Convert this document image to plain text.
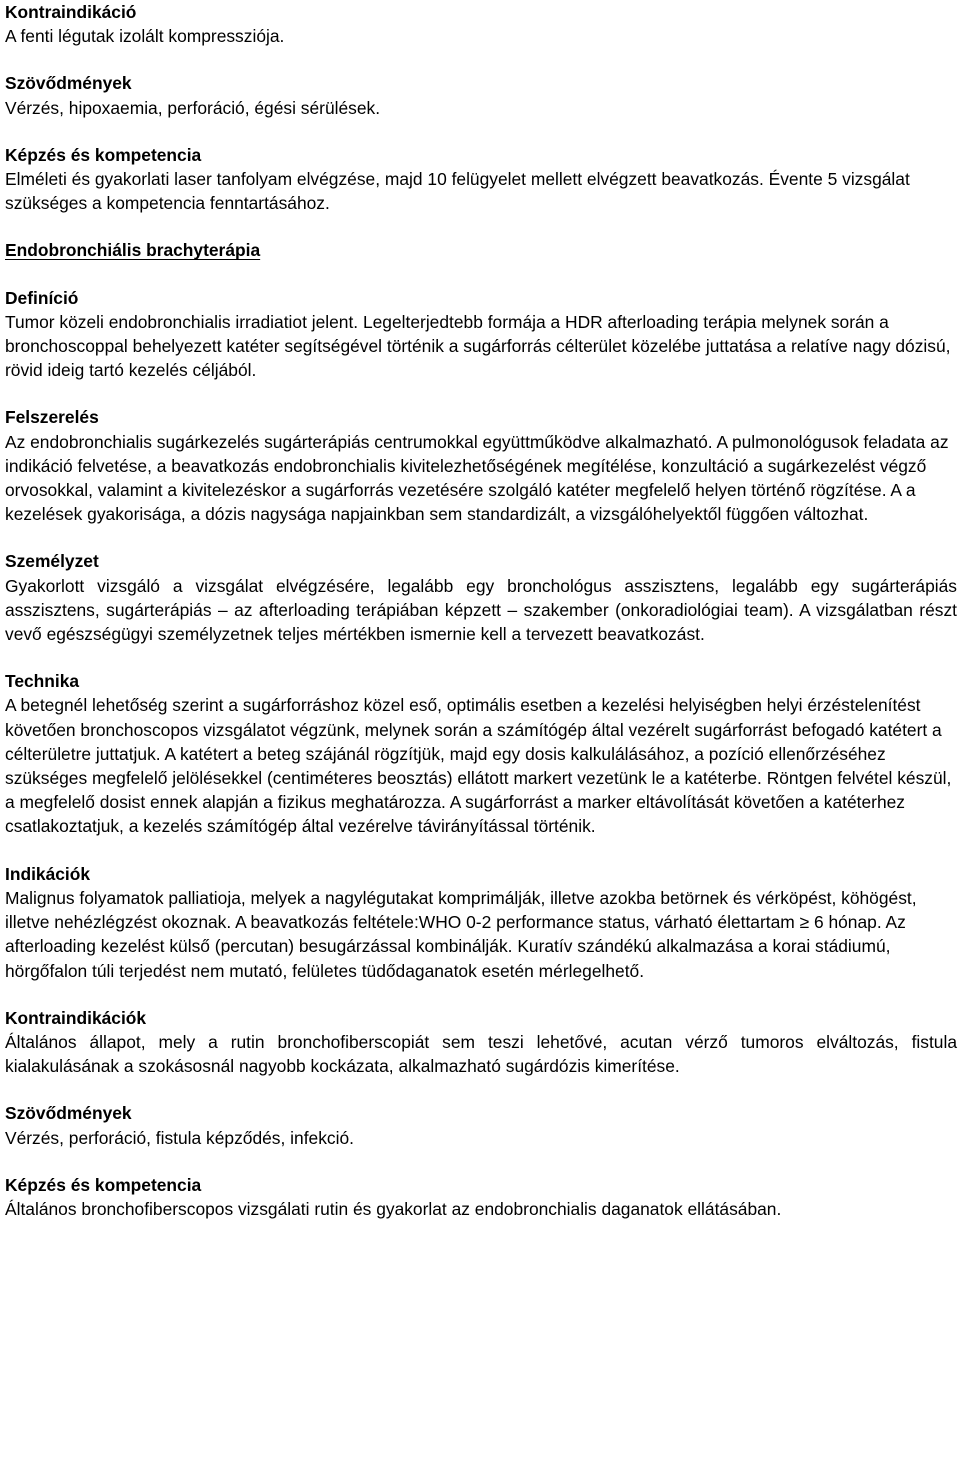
Kontraindikáció

A fenti légutak izolált kompressziója.

Szövődmények

Vérzés, hipoxaemia, perforáció, égési sérülések.

Képzés és kompetencia

Elméleti és gyakorlati laser tanfolyam elvégzése, majd 10 felügyelet mellett elvégzett beavatkozás. Évente 5 vizsgálat szükséges a kompetencia fenntartásához.

Endobronchiális brachyterápia
Definíció

Tumor közeli endobronchialis irradiatiot jelent. Legelterjedtebb formája a HDR afterloading terápia melynek során a bronchoscoppal behelyezett katéter segítségével történik a sugárforrás célterület közelébe juttatása a relatíve nagy dózisú, rövid ideig tartó kezelés céljából.

Felszerelés

Az endobronchialis sugárkezelés sugárterápiás centrumokkal együttműködve alkalmazható. A pulmonológusok feladata az indikáció felvetése, a beavatkozás endobronchialis kivitelezhetőségének megítélése, konzultáció a sugárkezelést végző orvosokkal, valamint a kivitelezéskor a sugárforrás vezetésére szolgáló katéter megfelelő helyen történő rögzítése. A a kezelések gyakorisága, a dózis nagysága napjainkban sem standardizált, a vizsgálóhelyektől függően változhat.

Személyzet

Gyakorlott vizsgáló a vizsgálat elvégzésére, legalább egy bronchológus asszisztens, legalább egy sugárterápiás asszisztens, sugárterápiás – az afterloading terápiában képzett – szakember (onkoradiológiai team). A vizsgálatban részt vevő egészségügyi személyzetnek teljes mértékben ismernie kell a tervezett beavatkozást.

Technika

A betegnél lehetőség szerint a sugárforráshoz közel eső, optimális esetben a kezelési helyiségben helyi érzéstelenítést követően bronchoscopos vizsgálatot végzünk, melynek során a számítógép által vezérelt sugárforrást befogadó katétert a célterületre juttatjuk. A katétert a beteg szájánál rögzítjük, majd egy dosis kalkulálásához, a pozíció ellenőrzéséhez szükséges megfelelő jelölésekkel (centiméteres beosztás) ellátott markert vezetünk le a katéterbe. Röntgen felvétel készül, a megfelelő dosist ennek alapján a fizikus meghatározza. A sugárforrást a marker eltávolítását követően a katéterhez csatlakoztatjuk, a kezelés számítógép által vezérelve távirányítással történik.

Indikációk

Malignus folyamatok palliatioja, melyek a nagylégutakat komprimálják, illetve azokba betörnek és vérköpést, köhögést, illetve nehézlégzést okoznak. A beavatkozás feltétele:WHO 0-2 performance status, várható élettartam ≥ 6 hónap. Az afterloading kezelést külső (percutan) besugárzással kombinálják. Kuratív szándékú alkalmazása a korai stádiumú, hörgőfalon túli terjedést nem mutató, felületes tüdődaganatok esetén mérlegelhető.

Kontraindikációk

Általános állapot, mely a rutin bronchofiberscopiát sem teszi lehetővé, acutan vérző tumoros elváltozás, fistula kialakulásának a szokásosnál nagyobb kockázata, alkalmazható sugárdózis kimerítése.

Szövődmények

Vérzés, perforáció, fistula képződés, infekció.

Képzés és kompetencia

Általános bronchofiberscopos vizsgálati rutin és gyakorlat az endobronchialis daganatok ellátásában.
